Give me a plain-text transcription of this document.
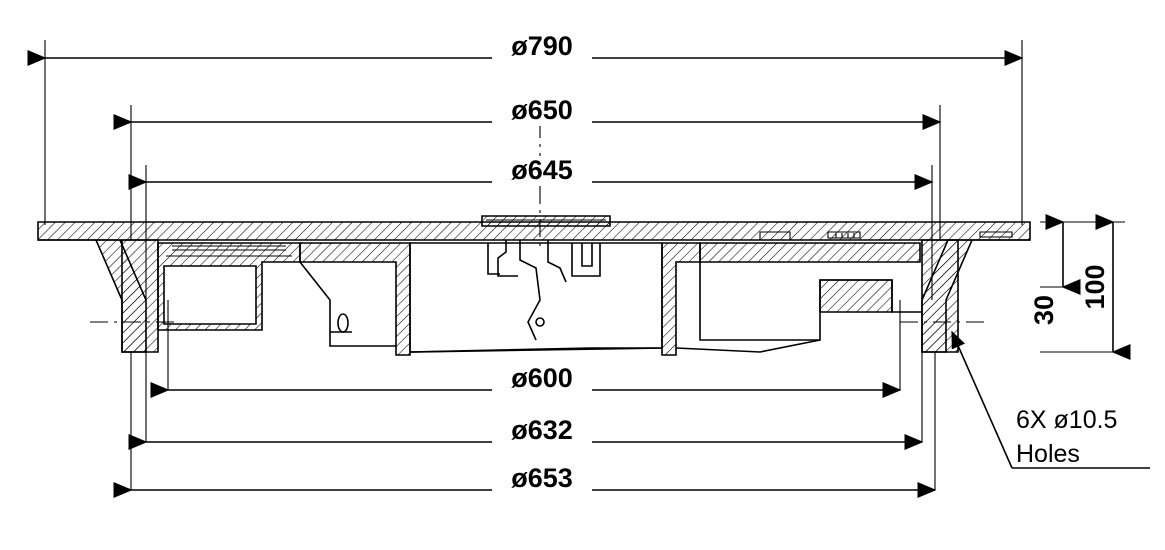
ø790
ø650
ø645
ø600
ø632
ø653
30
100
6X ø10.5
Holes
